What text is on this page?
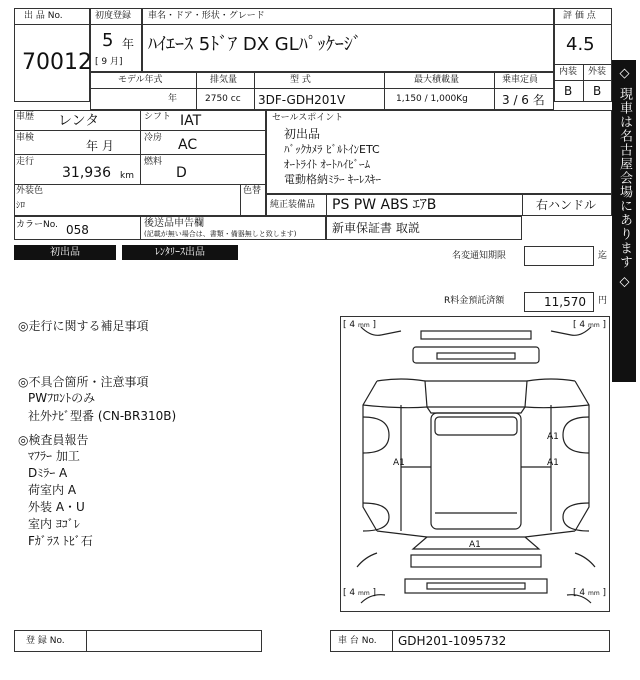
出 品 No.
70012
初度登録
5 年
[ 9 月]
車名・ドア・形状・グレード
ﾊｲｴｰｽ 5ﾄﾞｱ DX GLﾊﾟｯｹｰｼﾞ
評 価 点
4.5
内装 外装
B B
モデル年式
年
排気量
2750 cc
型 式
3DF-GDH201V
最大積載量
1,150 / 1,000Kg
乗車定員
3 / 6 名
車歴 レンタ	シフト IAT
車検
年 月
冷房 AC
走行
31,936 km
燃料
D
外装色
ｼﾛ
色替
カラーNo. 058	後送品申告欄
(記載が無い場合は、書類・備器無しと致します)
セールスポイント
初出品
ﾊﾞｯｸｶﾒﾗ ﾋﾞﾙﾄｲﾝETC
ｵｰﾄﾗｲﾄ ｵｰﾄﾊｲﾋﾞｰﾑ
電動格納ﾐﾗｰ ｷｰﾚｽｷｰ
純正装備品 PS PW ABS ｴｱB	右ハンドル
新車保証書 取説
初出品	ﾚﾝﾀﾘｰｽ出品	名変通知期限	迄
R料金預託済額	11,570 円
◎走行に関する補足事項
◎不具合箇所・注意事項
PWﾌﾛﾝﾄのみ
社外ﾅﾋﾞ型番 (CN-BR310B)
◎検査員報告
ﾏﾌﾗｰ 加工
Dﾐﾗｰ A
荷室内 A
外装 A・U
室内 ﾖｺﾞﾚ
Fｶﾞﾗｽ ﾄﾋﾞ石
[ 4 mm ]	[ 4 mm ]
[ 4 mm ]	[ 4 mm ]
A1
A1	A1
A1
登 録 No.	車 台 No. GDH201-1095732
◇ 現車は名古屋会場にあります ◇
